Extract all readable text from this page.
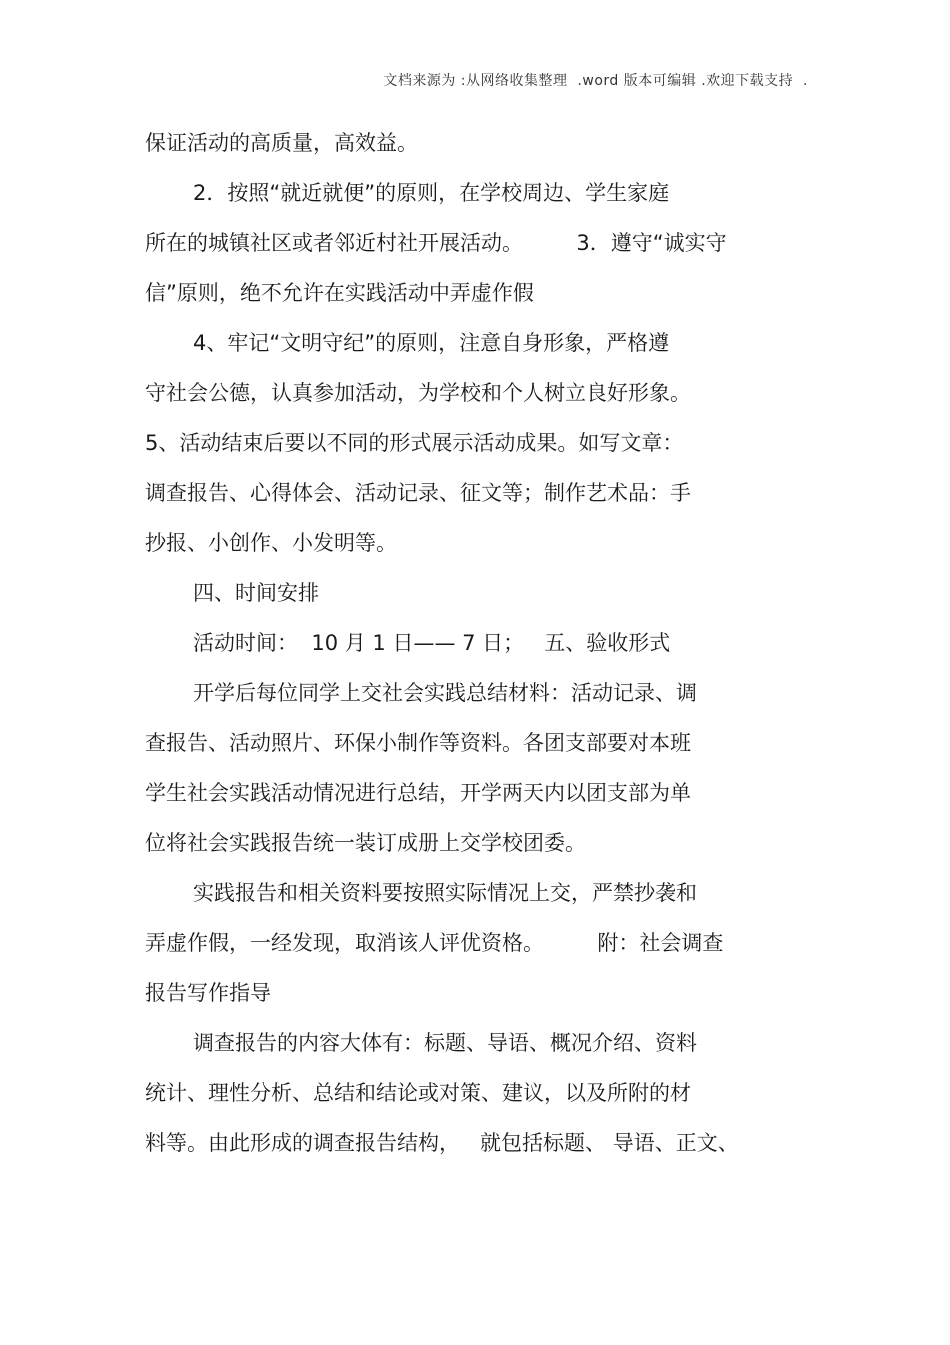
文档来源为 :从网络收集整理  .word 版本可编辑 .欢迎下载支持  .
保证活动的高质量，高效益。
2．按照“就近就便”的原则，在学校周边、学生家庭
所在的城镇社区或者邻近村社开展活动。        3．遵守“诚实守
信”原则，绝不允许在实践活动中弄虚作假
4、牢记“文明守纪”的原则，注意自身形象，严格遵
守社会公德，认真参加活动，为学校和个人树立良好形象。
5、活动结束后要以不同的形式展示活动成果。如写文章：
调查报告、心得体会、活动记录、征文等；制作艺术品：手
抄报、小创作、小发明等。
四、时间安排
活动时间：  10 月 1 日—— 7 日；   五、验收形式
开学后每位同学上交社会实践总结材料：活动记录、调
查报告、活动照片、环保小制作等资料。各团支部要对本班
学生社会实践活动情况进行总结，开学两天内以团支部为单
位将社会实践报告统一装订成册上交学校团委。
实践报告和相关资料要按照实际情况上交，严禁抄袭和
弄虚作假，一经发现，取消该人评优资格。        附：社会调查
报告写作指导
调查报告的内容大体有：标题、导语、概况介绍、资料
统计、理性分析、总结和结论或对策、建议，以及所附的材
料等。由此形成的调查报告结构，   就包括标题、 导语、正文、
